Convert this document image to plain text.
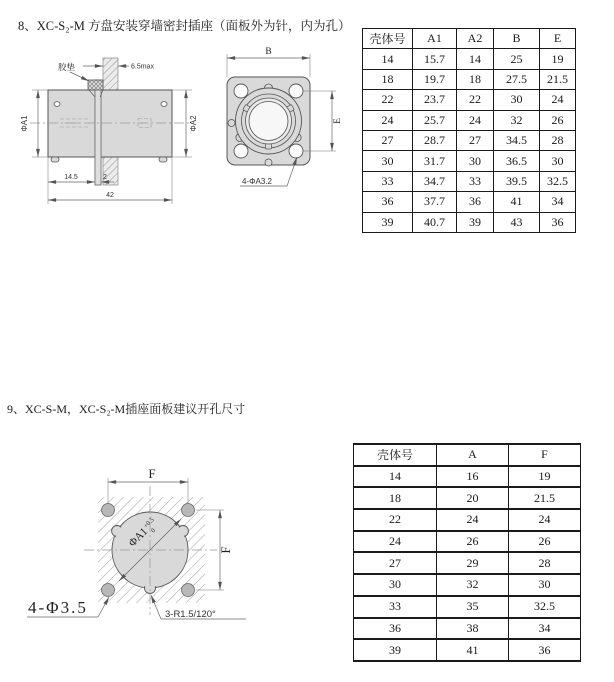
8、XC-S₂-M 方盘安装穿墙密封插座（面板外为针，内为孔）
ΦA1	ΦA2
6.5max
胶垫
14.5	2
42
B
E
4-ΦA3.2
壳体号	A1	A2	B	E
14	15.7	14	25	19
18	19.7	18	27.5	21.5
22	23.7	22	30	24
24	25.7	24	32	26
27	28.7	27	34.5	28
30	31.7	30	36.5	30
33	34.7	33	39.5	32.5
36	37.7	36	41	34
39	40.7	39	43	36
9、XC-S-M，XC-S₂-M插座面板建议开孔尺寸
ΦA1
+0.5
0
F
F
4-Φ3.5	3-R1.5/120°
壳体号	A	F
14	16	19
18	20	21.5
22	24	24
24	26	26
27	29	28
30	32	30
33	35	32.5
36	38	34
39	41	36
